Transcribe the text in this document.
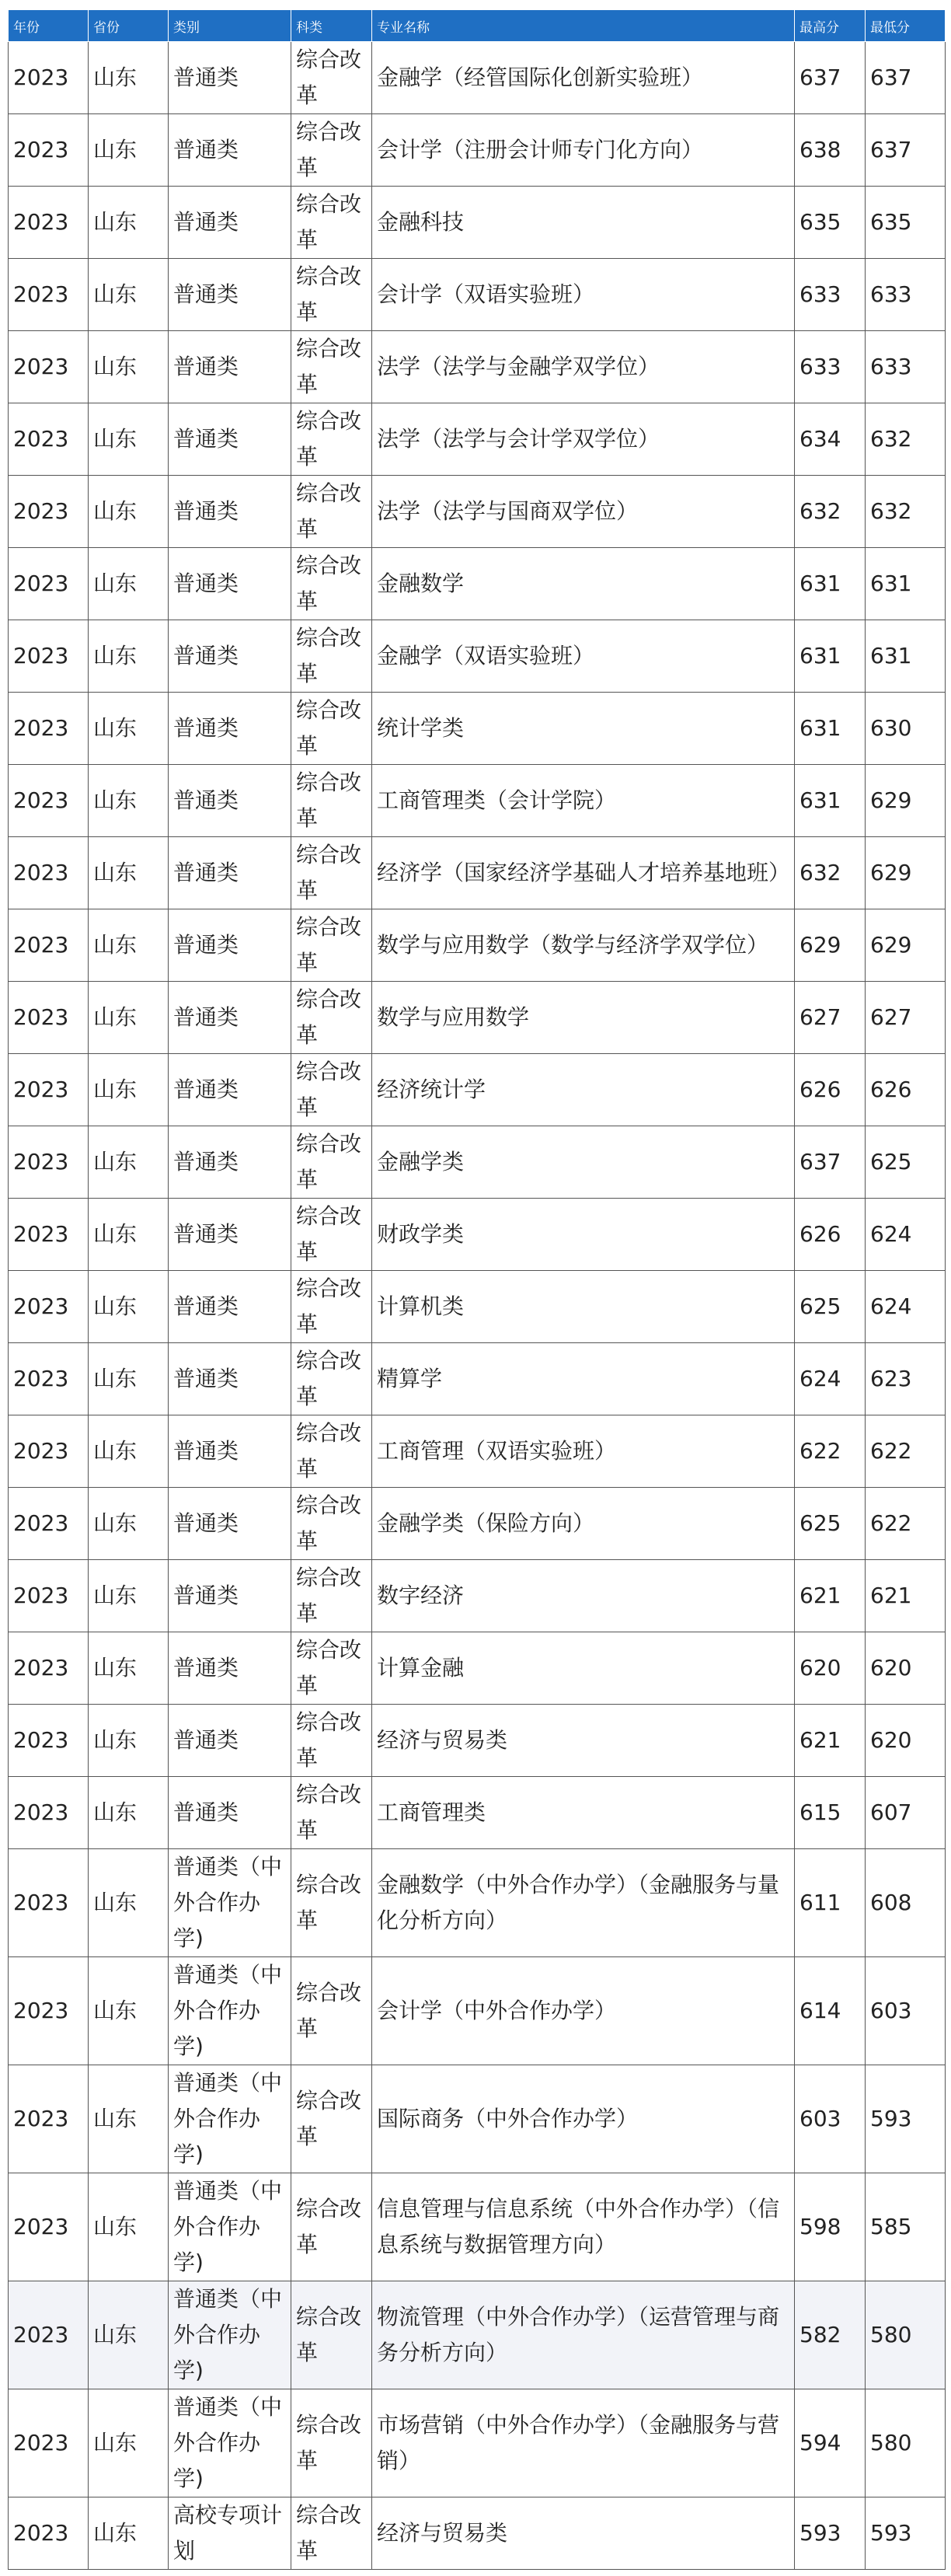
年份	省份	类别	科类	专业名称	最高分	最低分
2023	山东	普通类	综合改革	金融学（经管国际化创新实验班）	637	637
2023	山东	普通类	综合改革	会计学（注册会计师专门化方向）	638	637
2023	山东	普通类	综合改革	金融科技	635	635
2023	山东	普通类	综合改革	会计学（双语实验班）	633	633
2023	山东	普通类	综合改革	法学（法学与金融学双学位）	633	633
2023	山东	普通类	综合改革	法学（法学与会计学双学位）	634	632
2023	山东	普通类	综合改革	法学（法学与国商双学位）	632	632
2023	山东	普通类	综合改革	金融数学	631	631
2023	山东	普通类	综合改革	金融学（双语实验班）	631	631
2023	山东	普通类	综合改革	统计学类	631	630
2023	山东	普通类	综合改革	工商管理类（会计学院）	631	629
2023	山东	普通类	综合改革	经济学（国家经济学基础人才培养基地班）	632	629
2023	山东	普通类	综合改革	数学与应用数学（数学与经济学双学位）	629	629
2023	山东	普通类	综合改革	数学与应用数学	627	627
2023	山东	普通类	综合改革	经济统计学	626	626
2023	山东	普通类	综合改革	金融学类	637	625
2023	山东	普通类	综合改革	财政学类	626	624
2023	山东	普通类	综合改革	计算机类	625	624
2023	山东	普通类	综合改革	精算学	624	623
2023	山东	普通类	综合改革	工商管理（双语实验班）	622	622
2023	山东	普通类	综合改革	金融学类（保险方向）	625	622
2023	山东	普通类	综合改革	数字经济	621	621
2023	山东	普通类	综合改革	计算金融	620	620
2023	山东	普通类	综合改革	经济与贸易类	621	620
2023	山东	普通类	综合改革	工商管理类	615	607
2023	山东	普通类（中外合作办学)	综合改革	金融数学（中外合作办学）（金融服务与量化分析方向）	611	608
2023	山东	普通类（中外合作办学)	综合改革	会计学（中外合作办学）	614	603
2023	山东	普通类（中外合作办学)	综合改革	国际商务（中外合作办学）	603	593
2023	山东	普通类（中外合作办学)	综合改革	信息管理与信息系统（中外合作办学）（信息系统与数据管理方向）	598	585
2023	山东	普通类（中外合作办学)	综合改革	物流管理（中外合作办学）（运营管理与商务分析方向）	582	580
2023	山东	普通类（中外合作办学)	综合改革	市场营销（中外合作办学）（金融服务与营销）	594	580
2023	山东	高校专项计划	综合改革	经济与贸易类	593	593
